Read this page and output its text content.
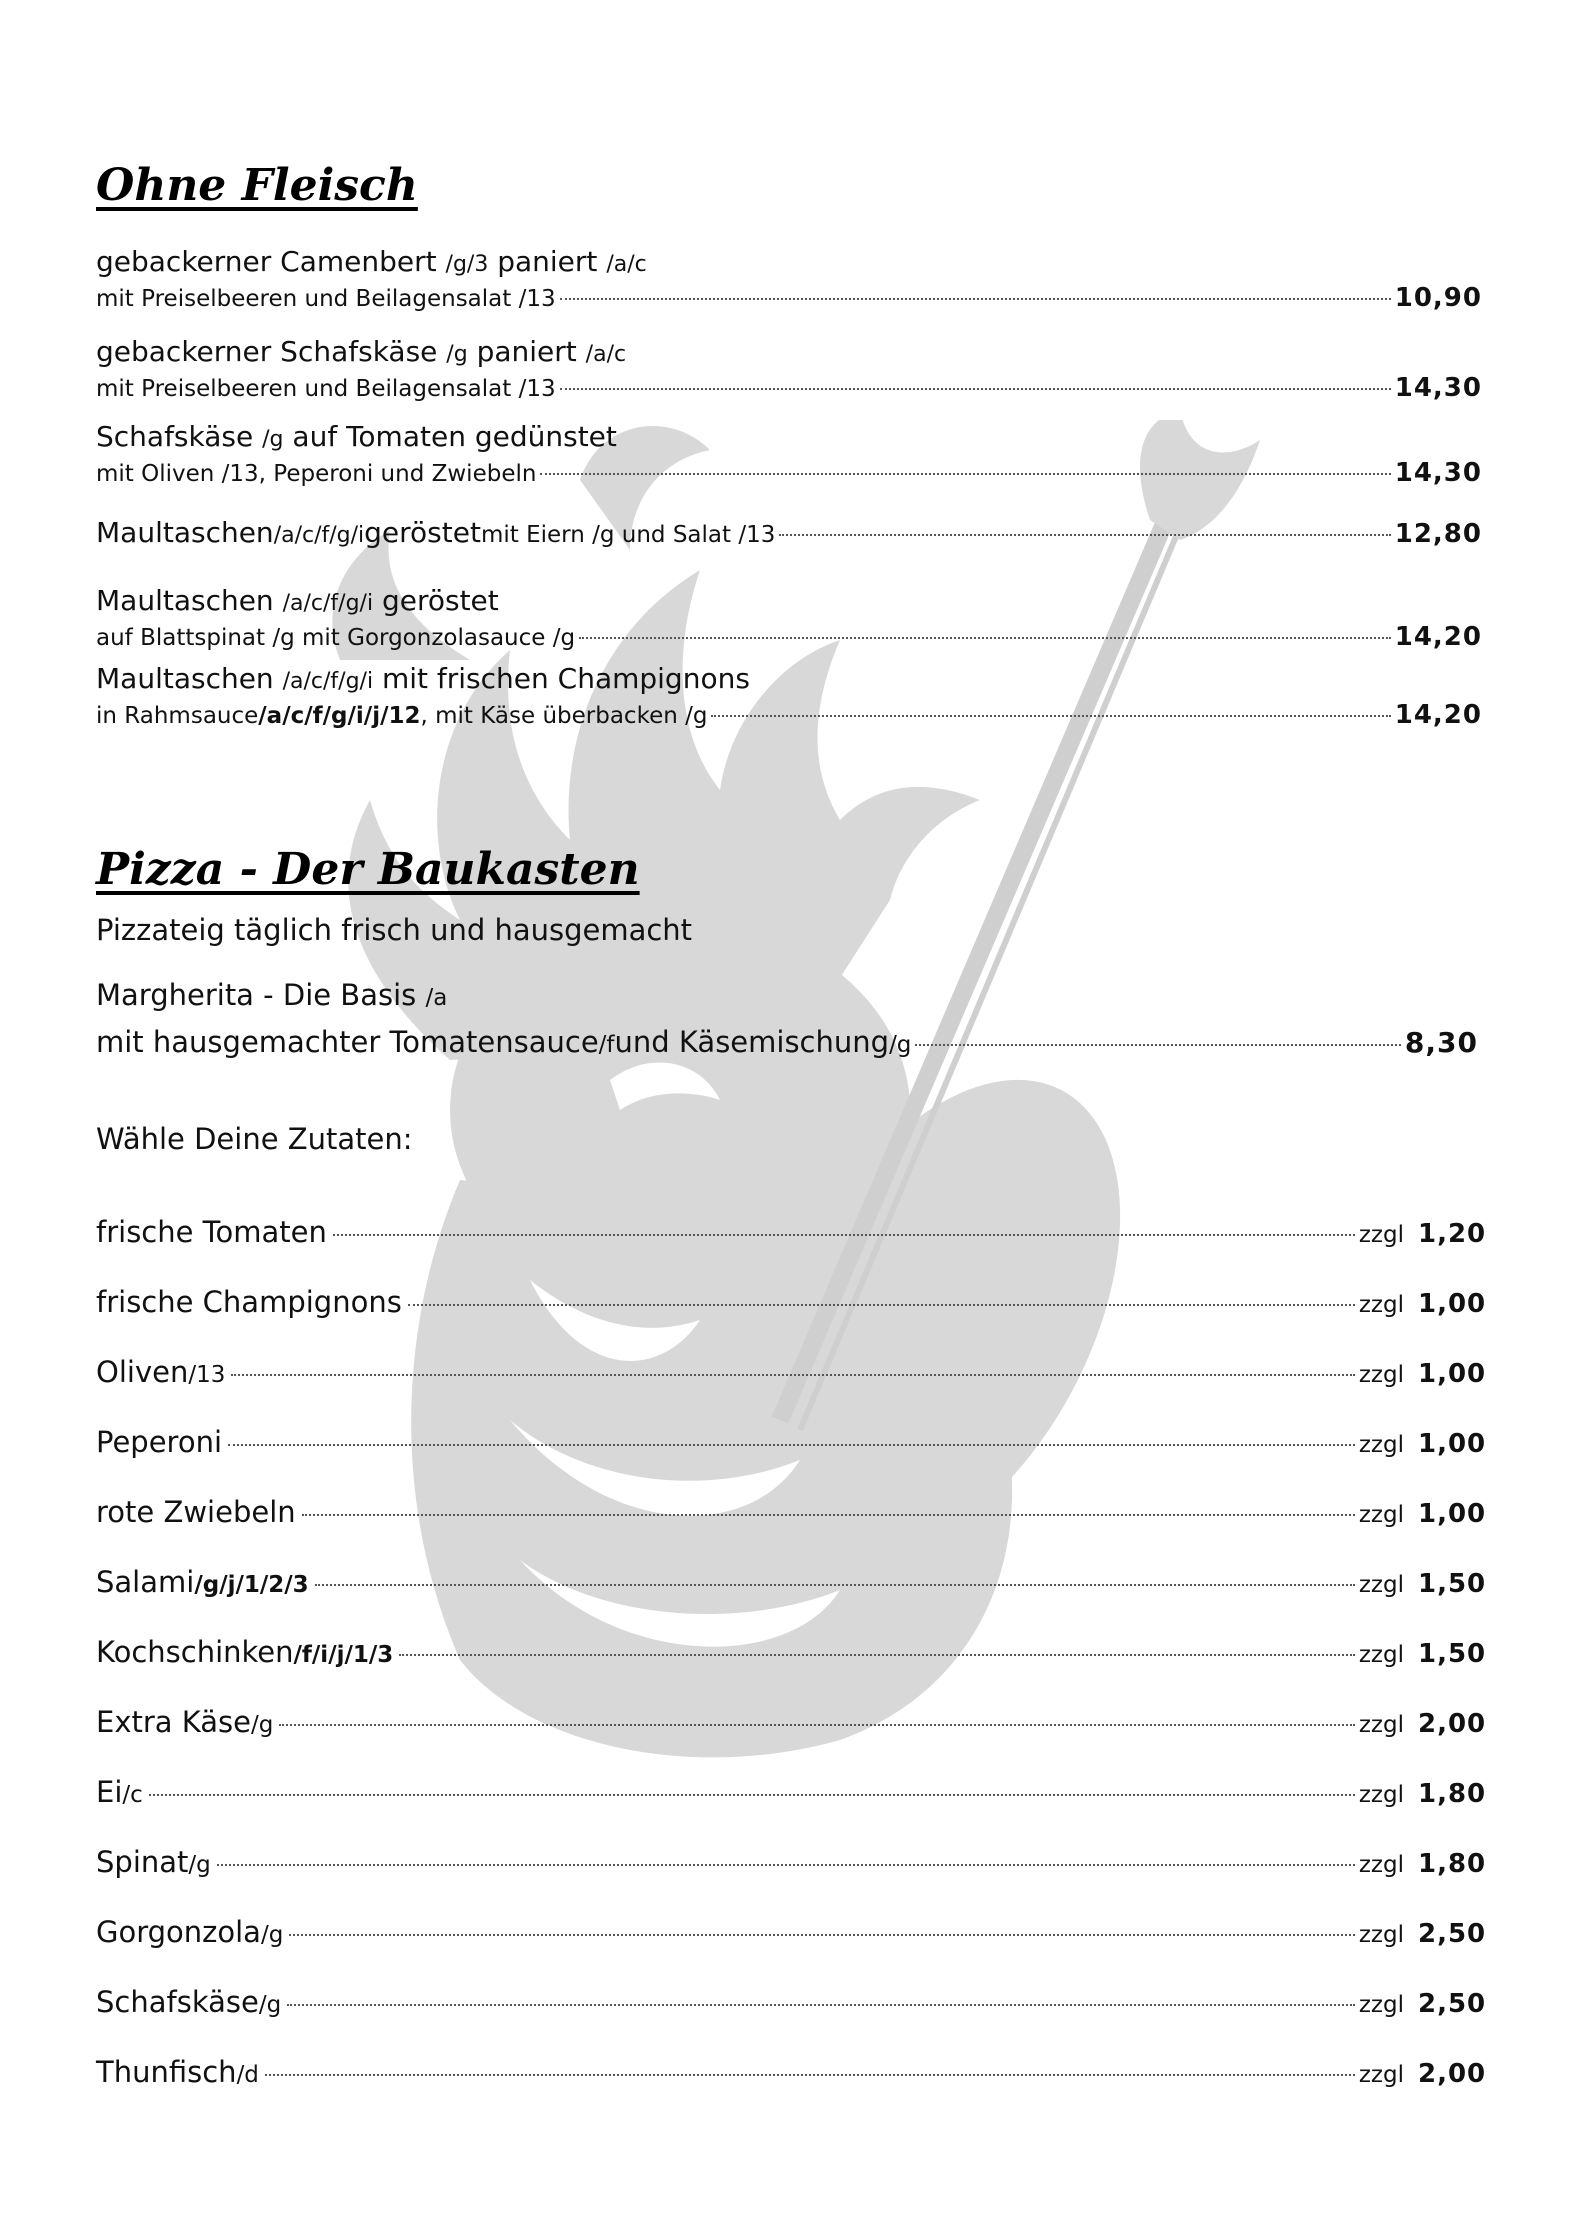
Ohne Fleisch
gebackerner Camenbert /g/3 paniert /a/c
mit Preiselbeeren und Beilagensalat /13	10,90
gebackerner Schafskäse /g paniert /a/c
mit Preiselbeeren und Beilagensalat /13	14,30
Schafskäse /g auf Tomaten gedünstet
mit Oliven /13, Peperoni und Zwiebeln	14,30
Maultaschen /a/c/f/g/i geröstet mit Eiern /g und Salat /13	12,80
Maultaschen /a/c/f/g/i geröstet
auf Blattspinat /g mit Gorgonzolasauce /g	14,20
Maultaschen /a/c/f/g/i mit frischen Champignons
in Rahmsauce /a/c/f/g/i/j/12 , mit Käse überbacken /g	14,20
Pizza - Der Baukasten
Pizzateig täglich frisch und hausgemacht
Margherita - Die Basis /a
mit hausgemachter Tomatensauce /f und Käsemischung /g	8,30
Wähle Deine Zutaten:
frische Tomaten	zzgl 1,20
frische Champignons	zzgl 1,00
Oliven /13	zzgl 1,00
Peperoni	zzgl 1,00
rote Zwiebeln	zzgl 1,00
Salami /g/j/1/2/3	zzgl 1,50
Kochschinken /f/i/j/1/3	zzgl 1,50
Extra Käse /g	zzgl 2,00
Ei /c	zzgl 1,80
Spinat /g	zzgl 1,80
Gorgonzola /g	zzgl 2,50
Schafskäse /g	zzgl 2,50
Thunfisch /d	zzgl 2,00
